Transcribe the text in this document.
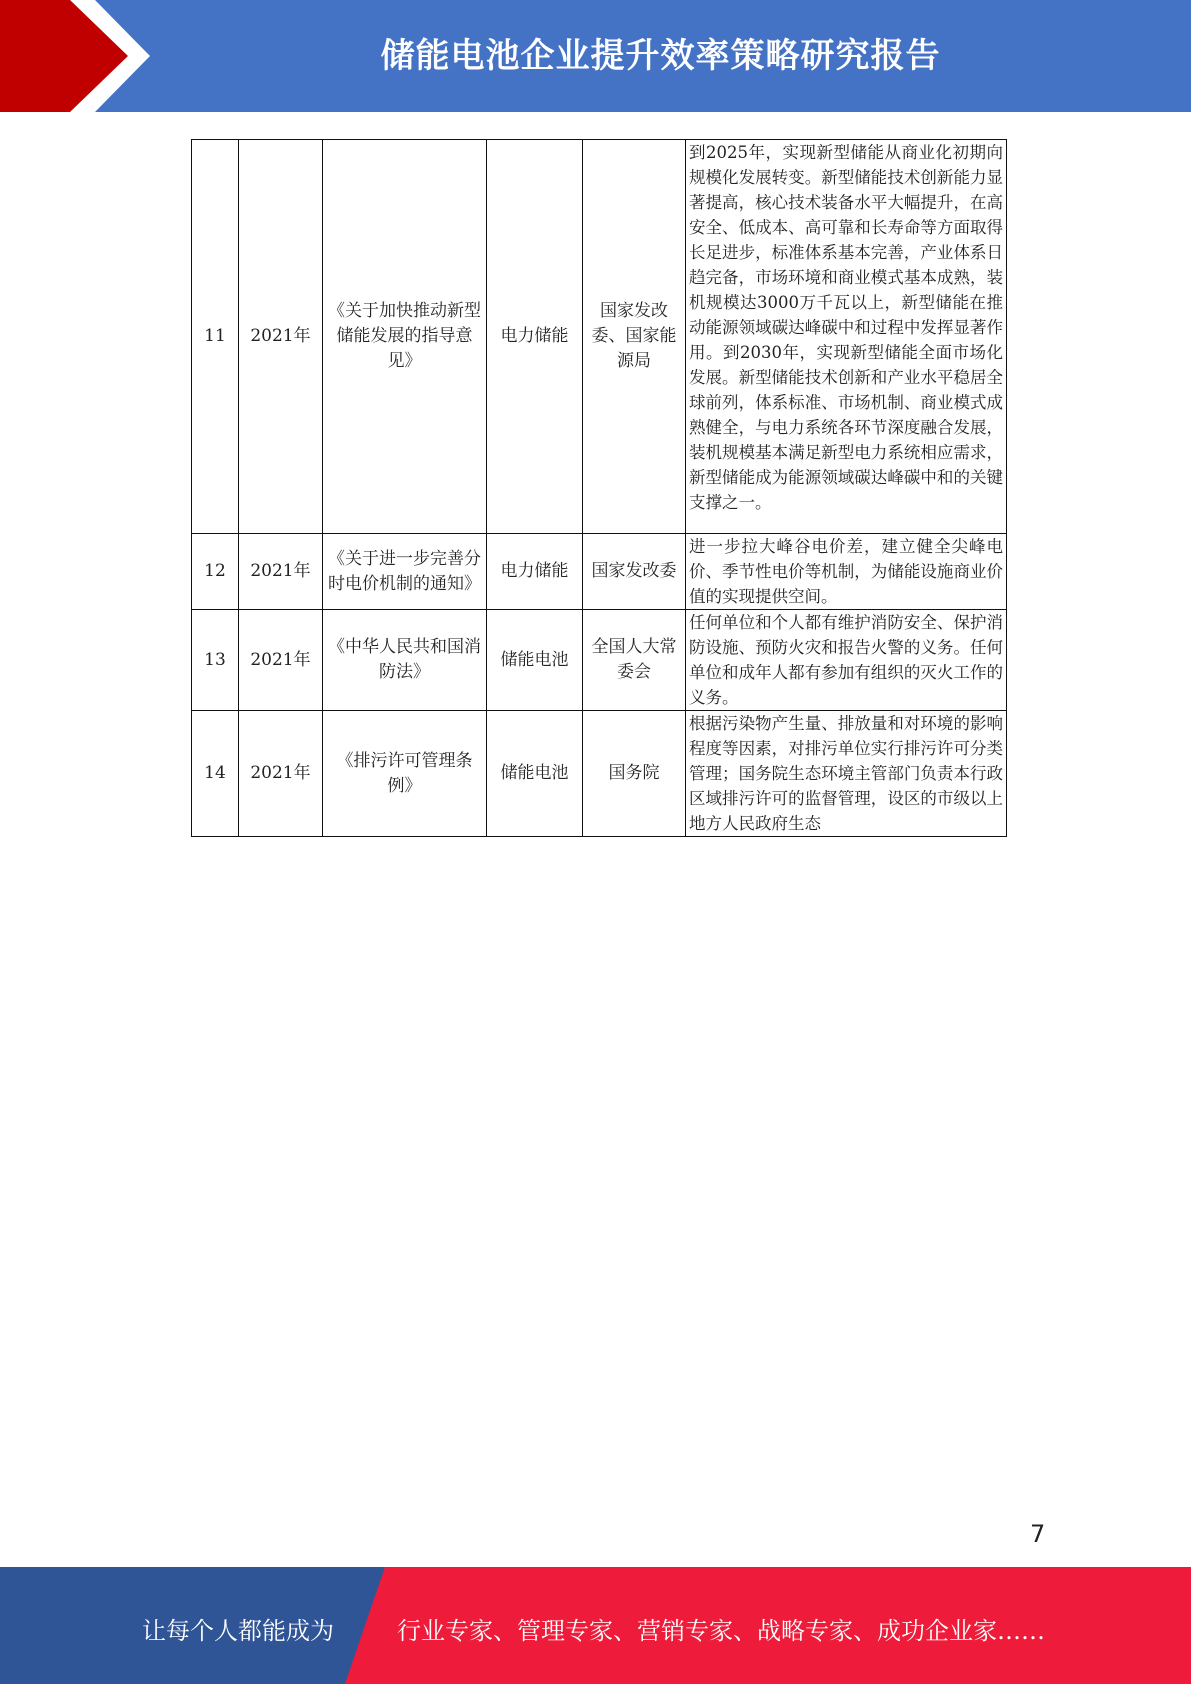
储能电池企业提升效率策略研究报告
11	2021年	《关于加快推动新型储能发展的指导意见》	电力储能	国家发改委、国家能源局	到2025年，实现新型储能从商业化初期向规模化发展转变。新型储能技术创新能力显著提高，核心技术装备水平大幅提升，在高安全、低成本、高可靠和长寿命等方面取得长足进步，标准体系基本完善，产业体系日趋完备，市场环境和商业模式基本成熟，装机规模达3000万千瓦以上，新型储能在推动能源领域碳达峰碳中和过程中发挥显著作用。到2030年，实现新型储能全面市场化发展。新型储能技术创新和产业水平稳居全球前列，体系标准、市场机制、商业模式成熟健全，与电力系统各环节深度融合发展，装机规模基本满足新型电力系统相应需求，新型储能成为能源领域碳达峰碳中和的关键支撑之一。
12	2021年	《关于进一步完善分时电价机制的通知》	电力储能	国家发改委	进一步拉大峰谷电价差，建立健全尖峰电价、季节性电价等机制，为储能设施商业价值的实现提供空间。
13	2021年	《中华人民共和国消防法》	储能电池	全国人大常委会	任何单位和个人都有维护消防安全、保护消防设施、预防火灾和报告火警的义务。任何单位和成年人都有参加有组织的灭火工作的义务。
14	2021年	《排污许可管理条例》	储能电池	国务院	根据污染物产生量、排放量和对环境的影响程度等因素，对排污单位实行排污许可分类管理；国务院生态环境主管部门负责本行政区域排污许可的监督管理，设区的市级以上地方人民政府生态
7
让每个人都能成为	行业专家、管理专家、营销专家、战略专家、成功企业家……
